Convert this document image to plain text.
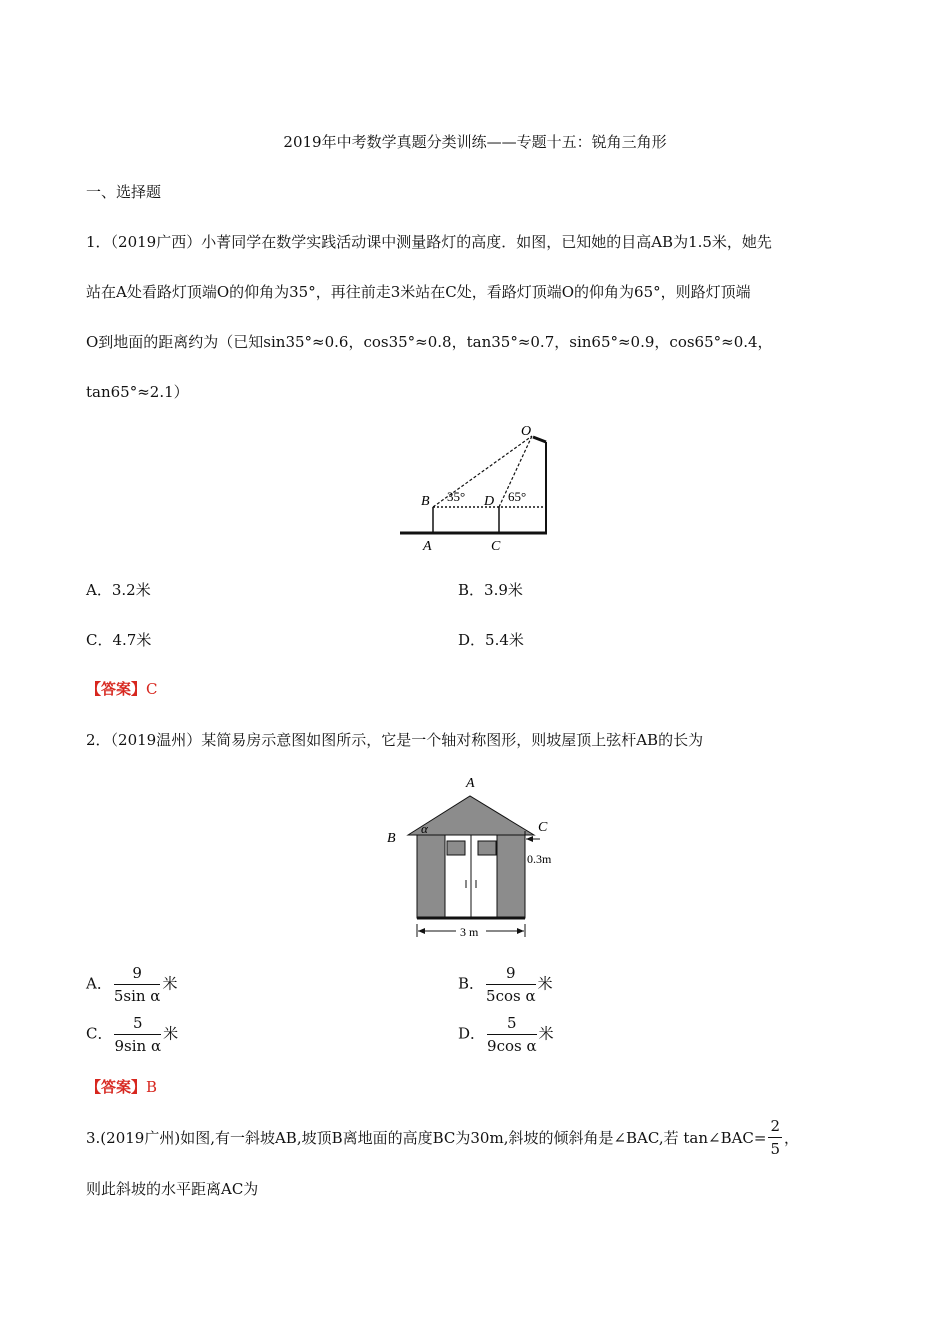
2019年中考数学真题分类训练——专题十五：锐角三角形
一、选择题
1．（2019广西）小菁同学在数学实践活动课中测量路灯的高度．如图，已知她的目高AB为1.5米，她先
站在A处看路灯顶端O的仰角为35°，再往前走3米站在C处，看路灯顶端O的仰角为65°，则路灯顶端
O到地面的距离约为（已知sin35°≈0.6，cos35°≈0.8，tan35°≈0.7，sin65°≈0.9，cos65°≈0.4，
tan65°≈2.1）
O
B 35° D 65°
A	C
A．3.2米	B．3.9米
C．4.7米	D．5.4米
【答案】C
2．（2019温州）某简易房示意图如图所示，它是一个轴对称图形，则坡屋顶上弦杆AB的长为
3 m
0.3m
A
B
C
α
A． $\frac{9}{\text{5sin α}}$ 米	B． $\frac{9}{\text{5cos α}}$ 米
C． $\frac{5}{\text{9sin α}}$ 米	D． $\frac{5}{\text{9cos α}}$ 米
【答案】B
3.(2019广州)如图,有一斜坡AB,坡顶B离地面的高度BC为30m,斜坡的倾斜角是∠BAC,若 tan∠BAC= $\frac{2}{5}$ ，
则此斜坡的水平距离AC为
